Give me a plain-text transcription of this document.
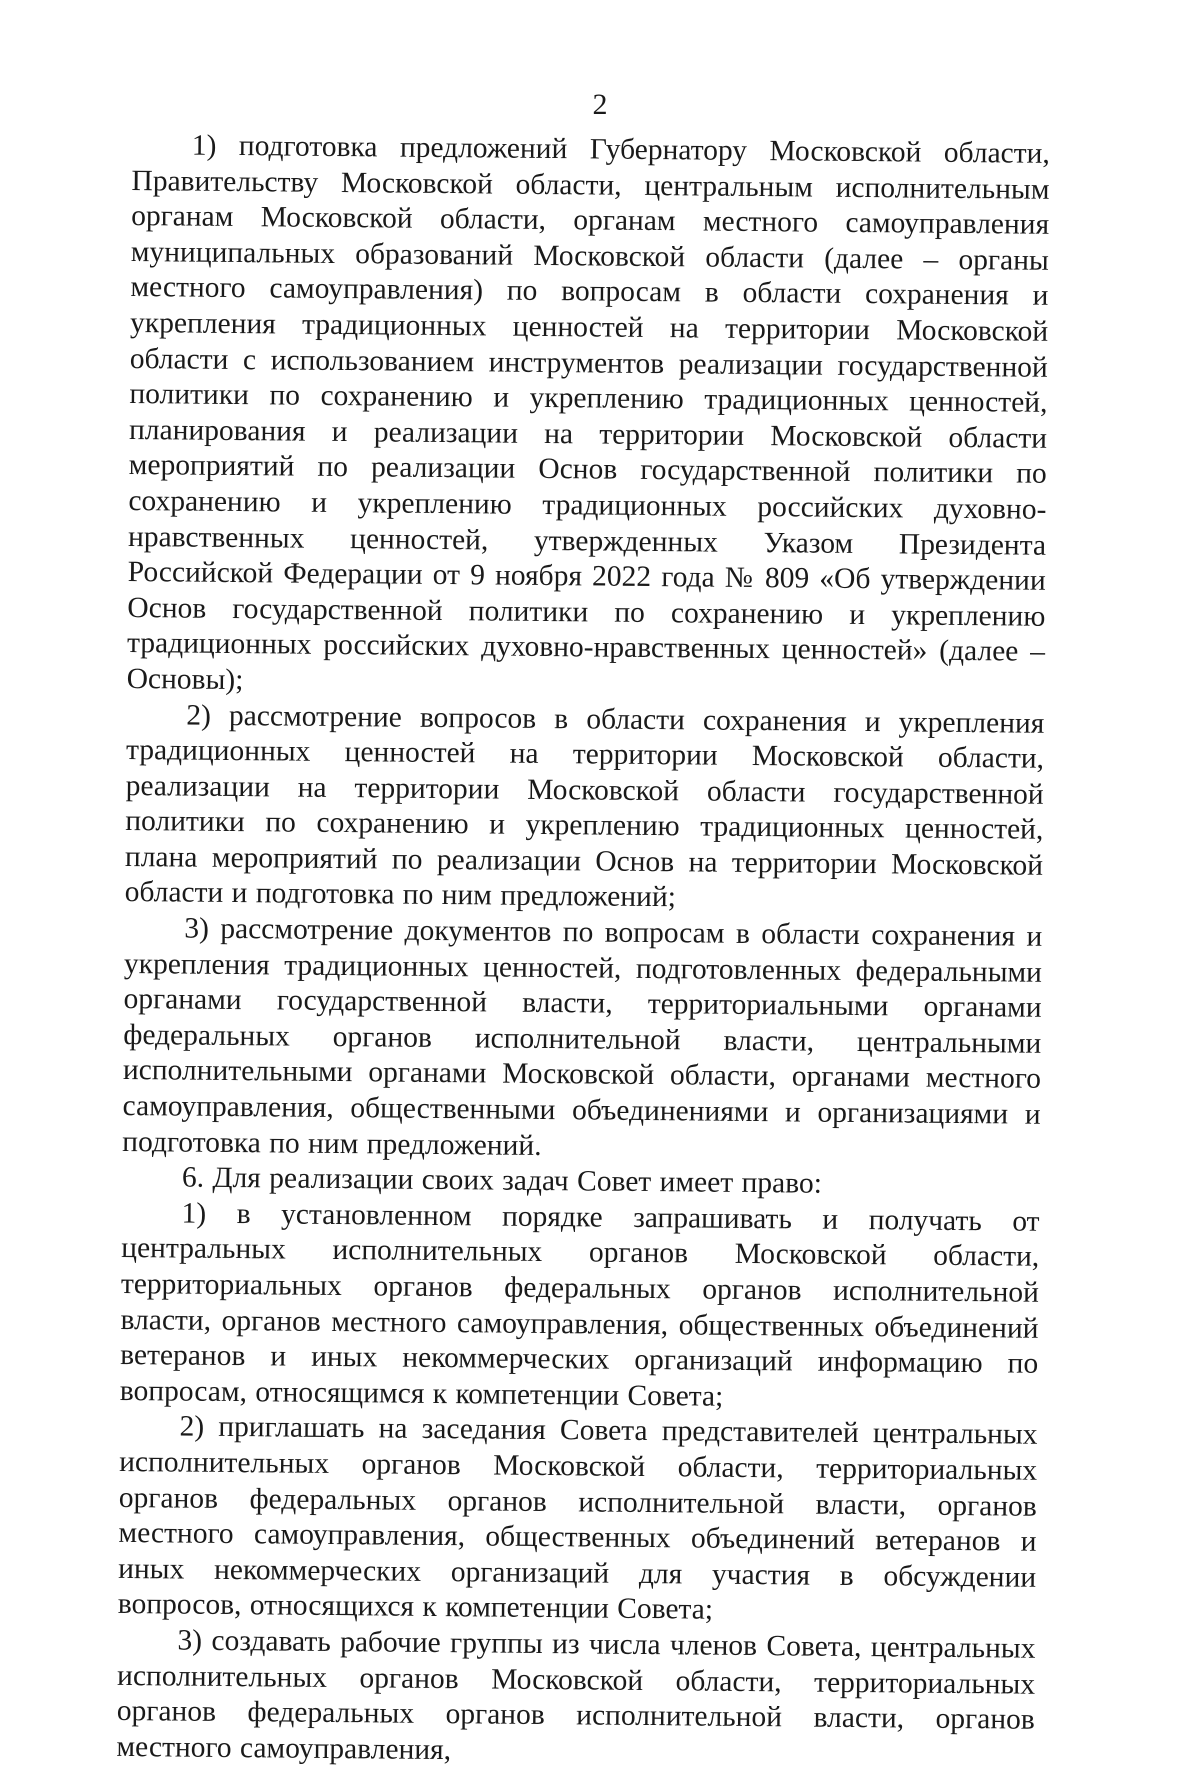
2

1) подготовка предложений Губернатору Московской области, Правительству Московской области, центральным исполнительным органам Московской области, органам местного самоуправления муниципальных образований Московской области (далее – органы местного самоуправления) по вопросам в области сохранения и укрепления традиционных ценностей на территории Московской области с использованием инструментов реализации государственной политики по сохранению и укреплению традиционных ценностей, планирования и реализации на территории Московской области мероприятий по реализации Основ государственной политики по сохранению и укреплению традиционных российских духовно-нравственных ценностей, утвержденных Указом Президента Российской Федерации от 9 ноября 2022 года № 809 «Об утверждении Основ государственной политики по сохранению и укреплению традиционных российских духовно-нравственных ценностей» (далее – Основы);

2) рассмотрение вопросов в области сохранения и укрепления традиционных ценностей на территории Московской области, реализации на территории Московской области государственной политики по сохранению и укреплению традиционных ценностей, плана мероприятий по реализации Основ на территории Московской области и подготовка по ним предложений;

3) рассмотрение документов по вопросам в области сохранения и укрепления традиционных ценностей, подготовленных федеральными органами государственной власти, территориальными органами федеральных органов исполнительной власти, центральными исполнительными органами Московской области, органами местного самоуправления, общественными объединениями и организациями и подготовка по ним предложений.

6. Для реализации своих задач Совет имеет право:

1) в установленном порядке запрашивать и получать от центральных исполнительных органов Московской области, территориальных органов федеральных органов исполнительной власти, органов местного самоуправления, общественных объединений ветеранов и иных некоммерческих организаций информацию по вопросам, относящимся к компетенции Совета;

2) приглашать на заседания Совета представителей центральных исполнительных органов Московской области, территориальных органов федеральных органов исполнительной власти, органов местного самоуправления, общественных объединений ветеранов и иных некоммерческих организаций для участия в обсуждении вопросов, относящихся к компетенции Совета;

3) создавать рабочие группы из числа членов Совета, центральных исполнительных органов Московской области, территориальных органов федеральных органов исполнительной власти, органов местного самоуправления,
